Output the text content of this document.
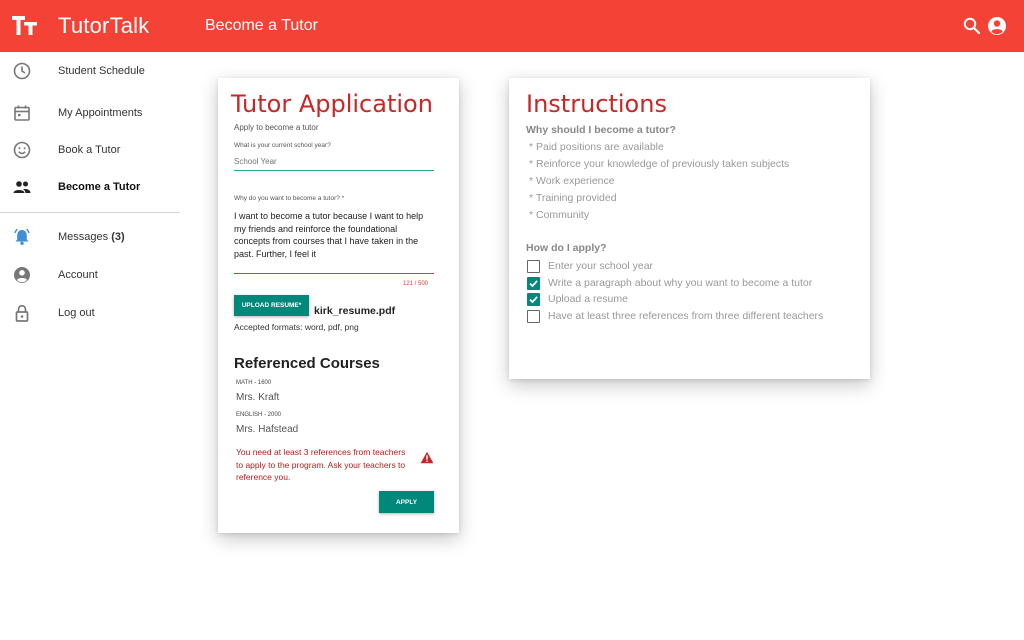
TutorTalk	Become a Tutor
Student Schedule
My Appointments
Book a Tutor
Become a Tutor
Messages (3)
Account
Log out
Tutor Application
Apply to become a tutor
What is your current school year?
School Year
Why do you want to become a tutor? *
I want to become a tutor because I want to help my friends and reinforce the foundational concepts from courses that I have taken in the past. Further, I feel it
121 / 500
UPLOAD RESUME*	kirk_resume.pdf
Accepted formats: word, pdf, png
Referenced Courses
MATH - 1600
Mrs. Kraft
ENGLISH - 2000
Mrs. Hafstead
You need at least 3 references from teachers to apply to the program. Ask your teachers to reference you.
APPLY
Instructions
Why should I become a tutor?
* Paid positions are available
* Reinforce your knowledge of previously taken subjects
* Work experience
* Training provided
* Community
How do I apply?
Enter your school year
Write a paragraph about why you want to become a tutor
Upload a resume
Have at least three references from three different teachers
